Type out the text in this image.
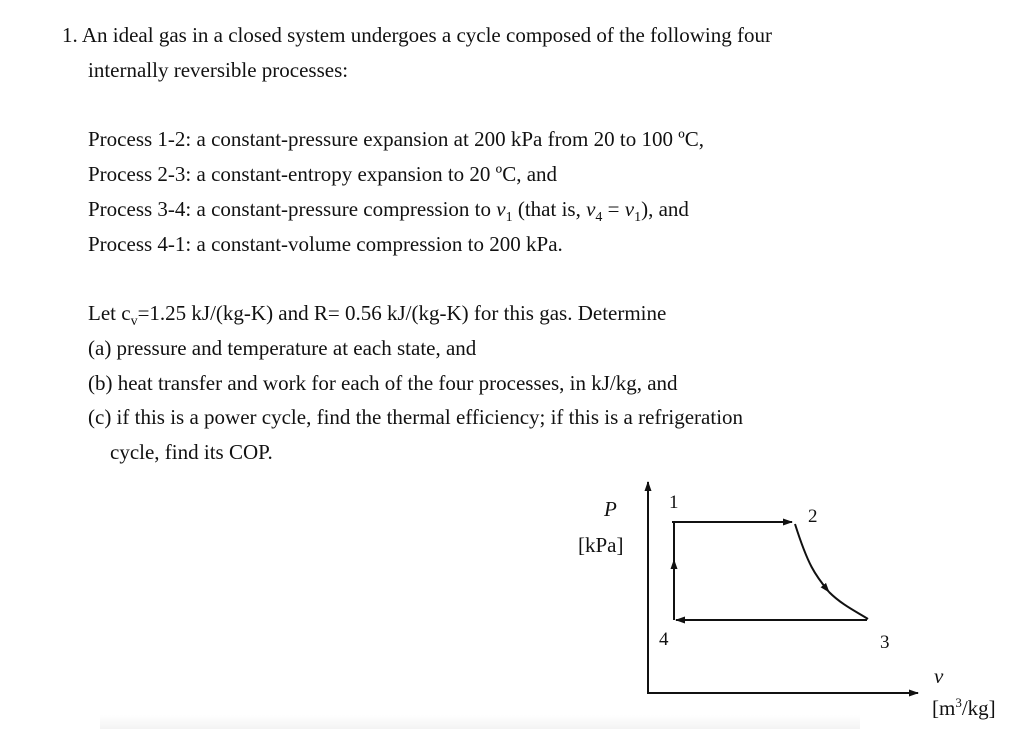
1. An ideal gas in a closed system undergoes a cycle composed of the following four
internally reversible processes:
Process 1-2: a constant-pressure expansion at 200 kPa from 20 to 100 ºC,
Process 2-3: a constant-entropy expansion to 20 ºC, and
Process 3-4: a constant-pressure compression to $v_1$ (that is, $v_4 = v_1$), and
Process 4-1: a constant-volume compression to 200 kPa.
Let $c_v=1.25$ kJ/(kg-K) and R= 0.56 kJ/(kg-K) for this gas. Determine
(a) pressure and temperature at each state, and
(b) heat transfer and work for each of the four processes, in kJ/kg, and
(c) if this is a power cycle, find the thermal efficiency; if this is a refrigeration
cycle, find its COP.
P
[kPa]
v
$[m^3/kg]$
1
2
3
4
